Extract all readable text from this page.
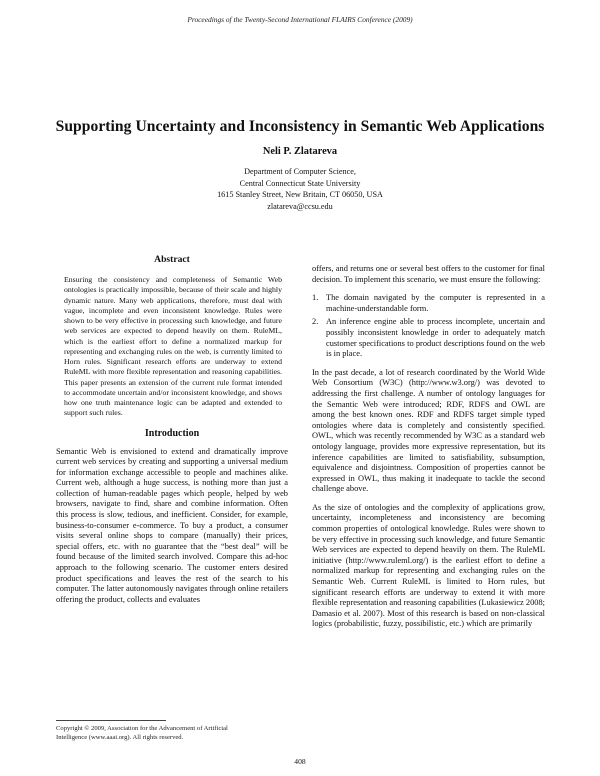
Proceedings of the Twenty-Second International FLAIRS Conference (2009)
Supporting Uncertainty and Inconsistency in Semantic Web Applications
Neli P. Zlatareva
Department of Computer Science,
Central Connecticut State University
1615 Stanley Street, New Britain, CT 06050, USA
zlatareva@ccsu.edu
Abstract
Ensuring the consistency and completeness of Semantic Web ontologies is practically impossible, because of their scale and highly dynamic nature. Many web applications, therefore, must deal with vague, incomplete and even inconsistent knowledge. Rules were shown to be very effective in processing such knowledge, and future web services are expected to depend heavily on them. RuleML, which is the earliest effort to define a normalized markup for representing and exchanging rules on the web, is currently limited to Horn rules. Significant research efforts are underway to extend RuleML with more flexible representation and reasoning capabilities. This paper presents an extension of the current rule format intended to accommodate uncertain and/or inconsistent knowledge, and shows how one truth maintenance logic can be adapted and extended to support such rules.
Introduction
Semantic Web is envisioned to extend and dramatically improve current web services by creating and supporting a universal medium for information exchange accessible to people and machines alike. Current web, although a huge success, is nothing more than just a collection of human-readable pages which people, helped by web browsers, navigate to find, share and combine information. Often this process is slow, tedious, and inefficient. Consider, for example, business-to-consumer e-commerce. To buy a product, a consumer visits several online shops to compare (manually) their prices, special offers, etc. with no guarantee that the “best deal” will be found because of the limited search involved. Compare this ad-hoc approach to the following scenario. The customer enters desired product specifications and leaves the rest of the search to his computer. The latter autonomously navigates through online retailers offering the product, collects and evaluates

offers, and returns one or several best offers to the customer for final decision. To implement this scenario, we must ensure the following:

1. The domain navigated by the computer is represented in a machine-understandable form.
2. An inference engine able to process incomplete, uncertain and possibly inconsistent knowledge in order to adequately match customer specifications to product descriptions found on the web is in place.

In the past decade, a lot of research coordinated by the World Wide Web Consortium (W3C) (http://www.w3.org/) was devoted to addressing the first challenge. A number of ontology languages for the Semantic Web were introduced; RDF, RDFS and OWL are among the best known ones. RDF and RDFS target simple typed ontologies where data is completely and consistently specified. OWL, which was recently recommended by W3C as a standard web ontology language, provides more expressive representation, but its inference capabilities are limited to satisfiability, subsumption, equivalence and disjointness. Composition of properties cannot be expressed in OWL, thus making it inadequate to tackle the second challenge above.

As the size of ontologies and the complexity of applications grow, uncertainty, incompleteness and inconsistency are becoming common properties of ontological knowledge. Rules were shown to be very effective in processing such knowledge, and future Semantic Web services are expected to depend heavily on them. The RuleML initiative (http://www.ruleml.org/) is the earliest effort to define a normalized markup for representing and exchanging rules on the Semantic Web. Current RuleML is limited to Horn rules, but significant research efforts are underway to extend it with more flexible representation and reasoning capabilities (Lukasiewicz 2008; Damasio et al. 2007). Most of this research is based on non-classical logics (probabilistic, fuzzy, possibilistic, etc.) which are primarily

Copyright © 2009, Association for the Advancement of Artificial
Intelligence (www.aaai.org). All rights reserved.
408
